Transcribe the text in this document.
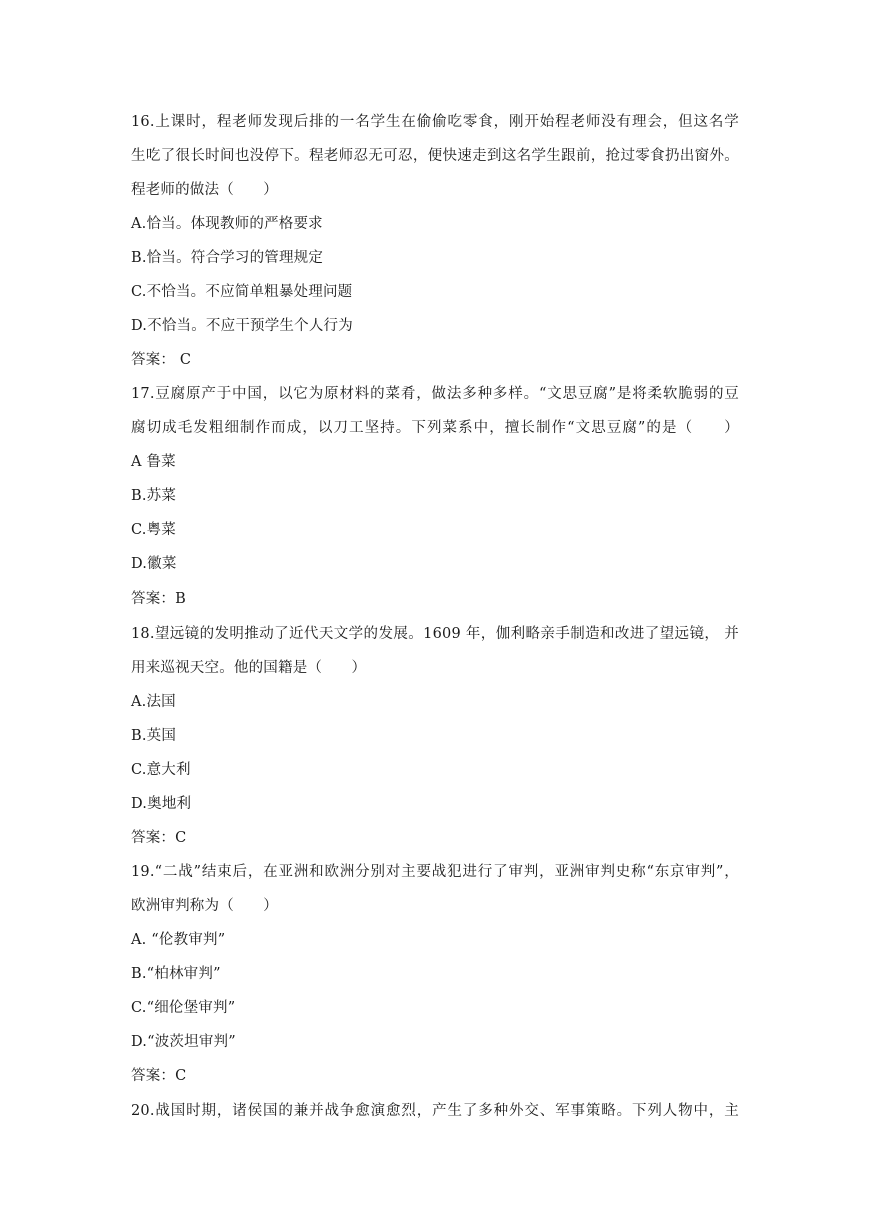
16.上课时，程老师发现后排的一名学生在偷偷吃零食，刚开始程老师没有理会，但这名学
生吃了很长时间也没停下。程老师忍无可忍，便快速走到这名学生跟前，抢过零食扔出窗外。
程老师的做法（　　）
A.恰当。体现教师的严格要求
B.恰当。符合学习的管理规定
C.不恰当。不应简单粗暴处理问题
D.不恰当。不应干预学生个人行为
答案： C
17.豆腐原产于中国，以它为原材料的菜肴，做法多种多样。“文思豆腐”是将柔软脆弱的豆
腐切成毛发粗细制作而成，以刀工坚持。下列菜系中，擅长制作“文思豆腐”的是（　　）
A 鲁菜
B.苏菜
C.粤菜
D.徽菜
答案：B
18.望远镜的发明推动了近代天文学的发展。1609 年，伽利略亲手制造和改进了望远镜， 并
用来巡视天空。他的国籍是（　　）
A.法国
B.英国
C.意大利
D.奥地利
答案：C
19.“二战”结束后，在亚洲和欧洲分别对主要战犯进行了审判，亚洲审判史称“东京审判”，
欧洲审判称为（　　）
A. “伦教审判”
B.“柏林审判”
C.“细伦堡审判”
D.“波茨坦审判”
答案：C
20.战国时期，诸侯国的兼并战争愈演愈烈，产生了多种外交、军事策略。下列人物中，主
